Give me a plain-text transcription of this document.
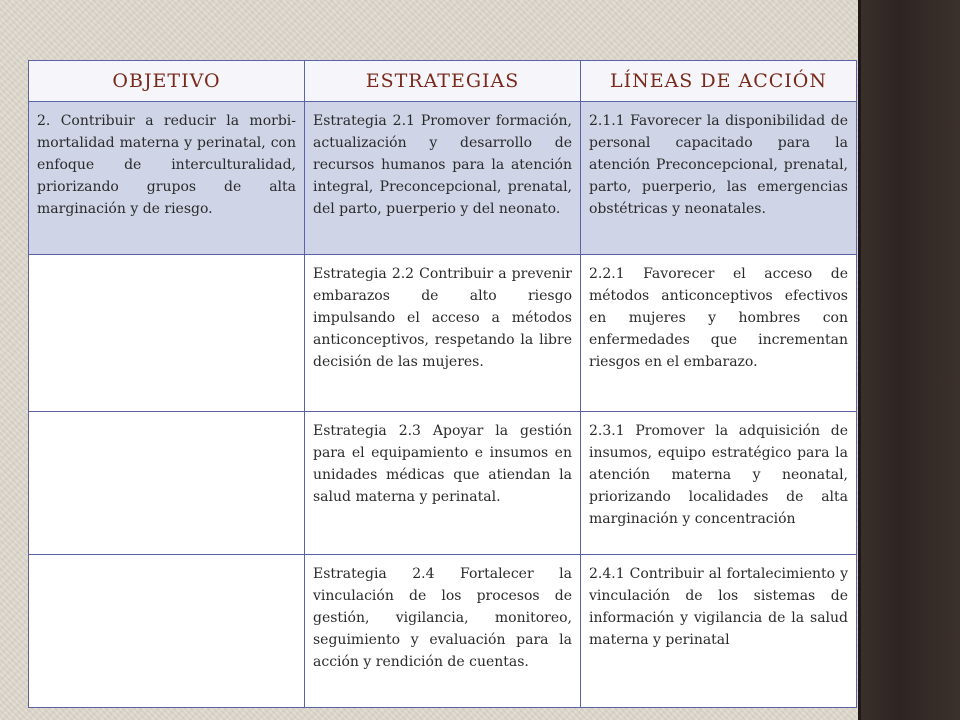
OBJETIVO	ESTRATEGIAS	LÍNEAS DE ACCIÓN

2. Contribuir a reducir la morbi-mortalidad materna y perinatal, con enfoque de interculturalidad, priorizando grupos de alta marginación y de riesgo.	Estrategia 2.1 Promover formación, actualización y desarrollo de recursos humanos para la atención integral, Preconcepcional, prenatal, del parto, puerperio y del neonato.	2.1.1 Favorecer la disponibilidad de personal capacitado para la atención Preconcepcional, prenatal, parto, puerperio, las emergencias obstétricas y neonatales.

	Estrategia 2.2 Contribuir a prevenir embarazos de alto riesgo impulsando el acceso a métodos anticonceptivos, respetando la libre decisión de las mujeres.	2.2.1 Favorecer el acceso de métodos anticonceptivos efectivos en mujeres y hombres con enfermedades que incrementan riesgos en el embarazo.

	Estrategia 2.3 Apoyar la gestión para el equipamiento e insumos en unidades médicas que atiendan la salud materna y perinatal.	2.3.1 Promover la adquisición de insumos, equipo estratégico para la atención materna y neonatal, priorizando localidades de alta marginación y concentración

	Estrategia 2.4 Fortalecer la vinculación de los procesos de gestión, vigilancia, monitoreo, seguimiento y evaluación para la acción y rendición de cuentas.	2.4.1 Contribuir al fortalecimiento y vinculación de los sistemas de información y vigilancia de la salud materna y perinatal
